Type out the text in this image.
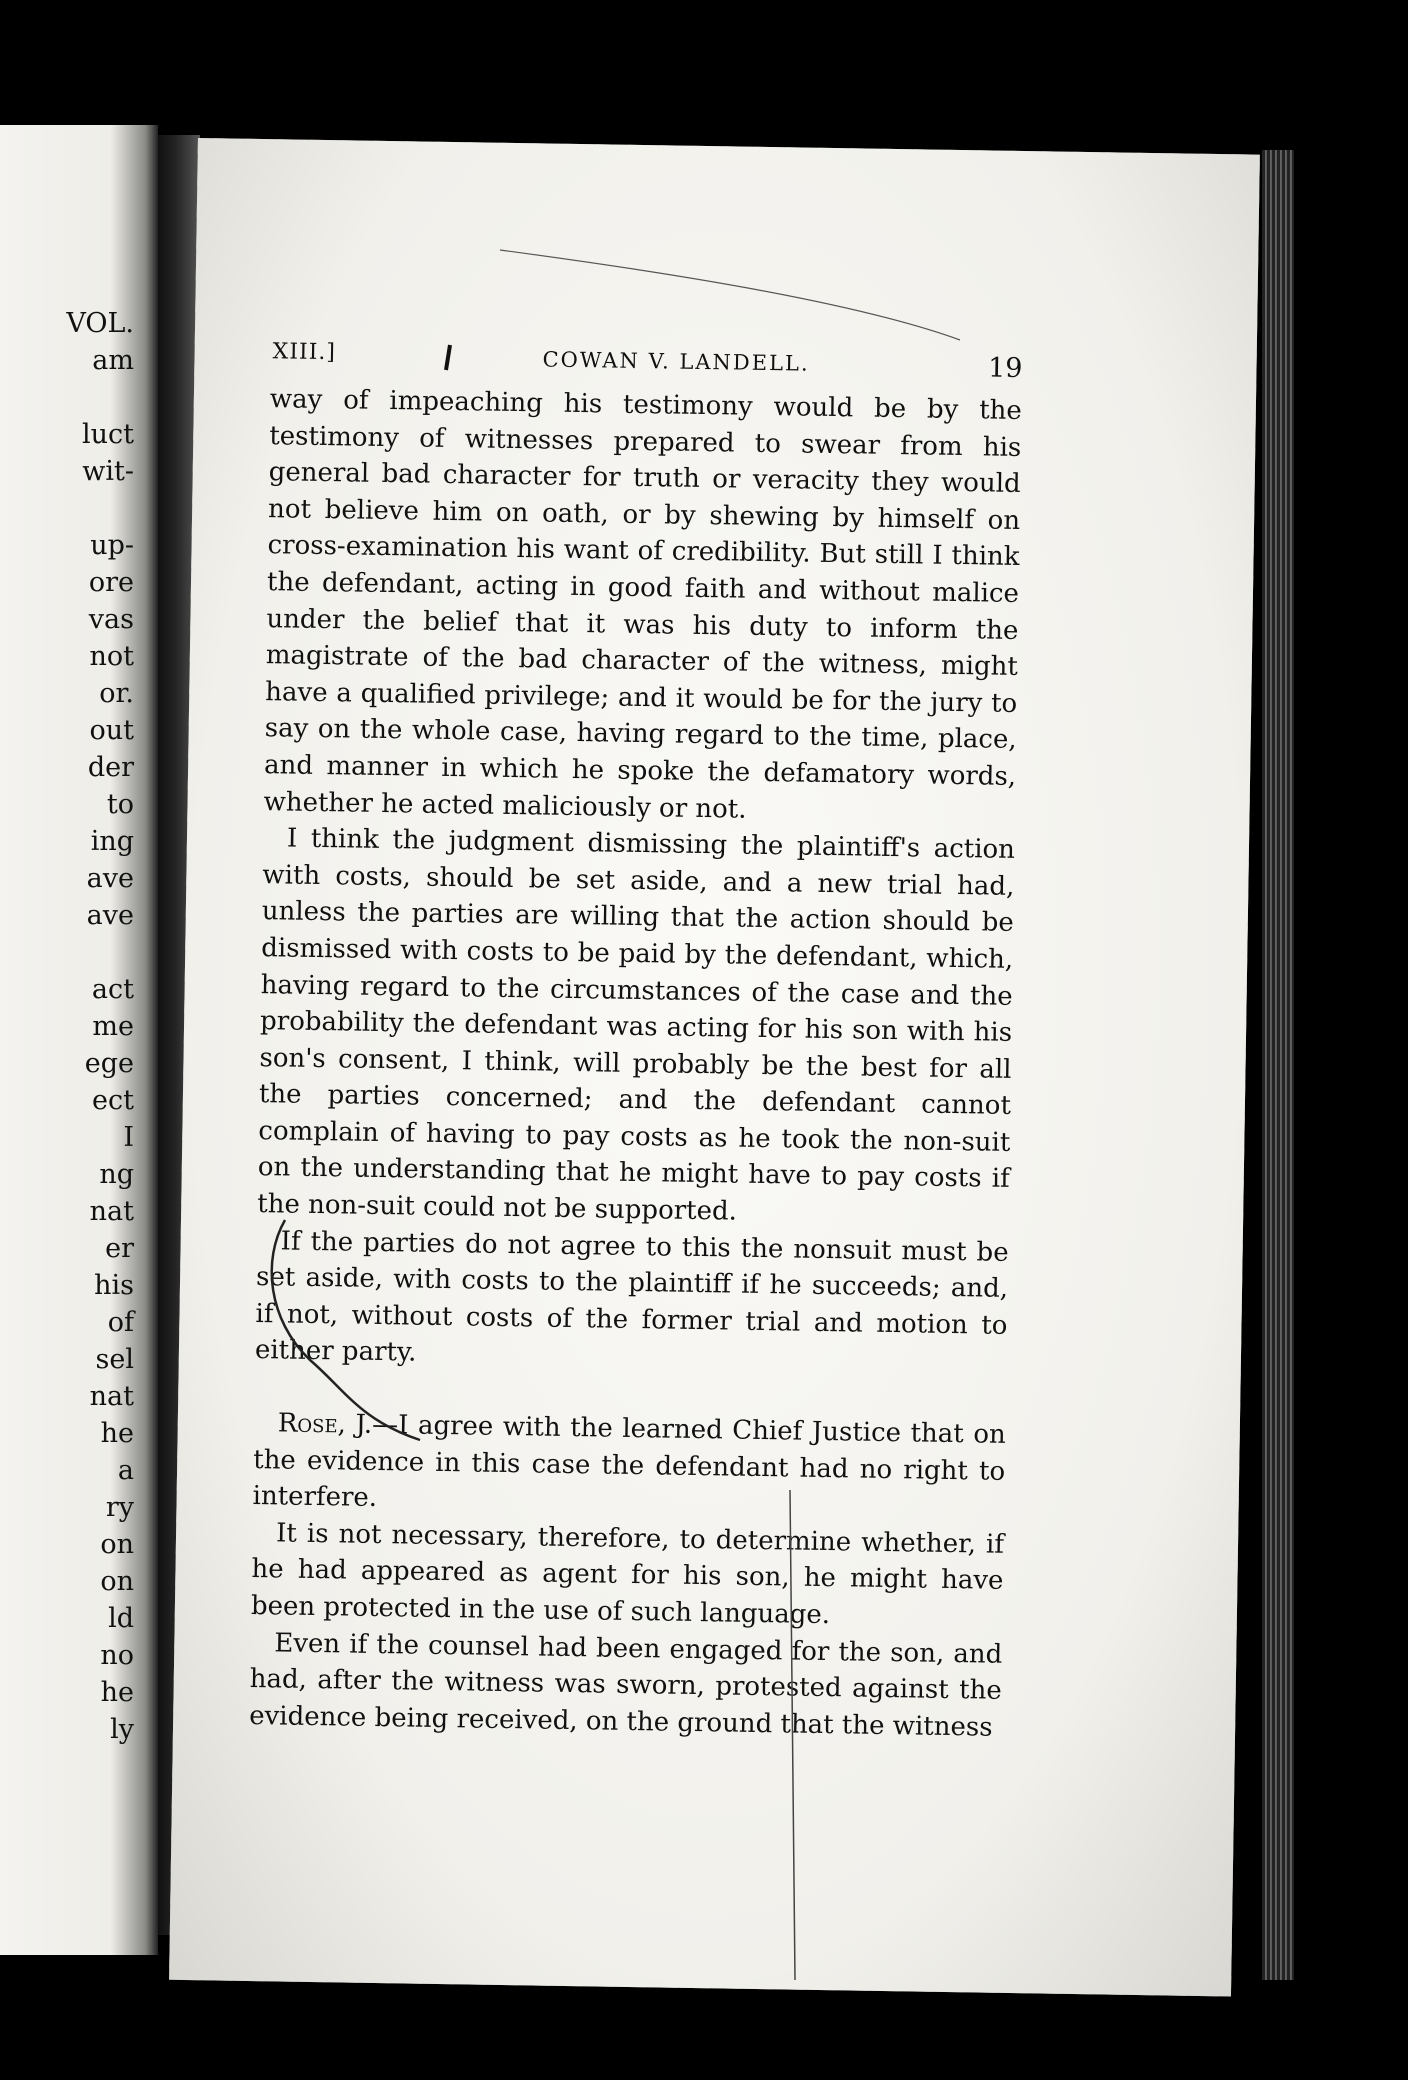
VOL.
am
luct
wit-
up-
ore
vas
not
or.
out
der
to
ing
ave
ave
act
me
ege
ect
I
ng
nat
er
his
of
sel
nat
he
a
ry
on
on
ld
no
he
ly
XIII.]	COWAN V. LANDELL.	19

way of impeaching his testimony would be by the testimony of witnesses prepared to swear from his general bad character for truth or veracity they would not believe him on oath, or by shewing by himself on cross-examination his want of credibility. But still I think the defendant, acting in good faith and without malice under the belief that it was his duty to inform the magistrate of the bad character of the witness, might have a qualified privilege; and it would be for the jury to say on the whole case, having regard to the time, place, and manner in which he spoke the defamatory words, whether he acted maliciously or not.

I think the judgment dismissing the plaintiff's action with costs, should be set aside, and a new trial had, unless the parties are willing that the action should be dismissed with costs to be paid by the defendant, which, having regard to the circumstances of the case and the probability the defendant was acting for his son with his son's consent, I think, will probably be the best for all the parties concerned; and the defendant cannot complain of having to pay costs as he took the non-suit on the understanding that he might have to pay costs if the non-suit could not be supported.

If the parties do not agree to this the nonsuit must be set aside, with costs to the plaintiff if he succeeds; and, if not, without costs of the former trial and motion to either party.

Rose, J.—I agree with the learned Chief Justice that on the evidence in this case the defendant had no right to interfere.

It is not necessary, therefore, to determine whether, if he had appeared as agent for his son, he might have been protected in the use of such language.

Even if the counsel had been engaged for the son, and had, after the witness was sworn, protested against the evidence being received, on the ground that the witness
